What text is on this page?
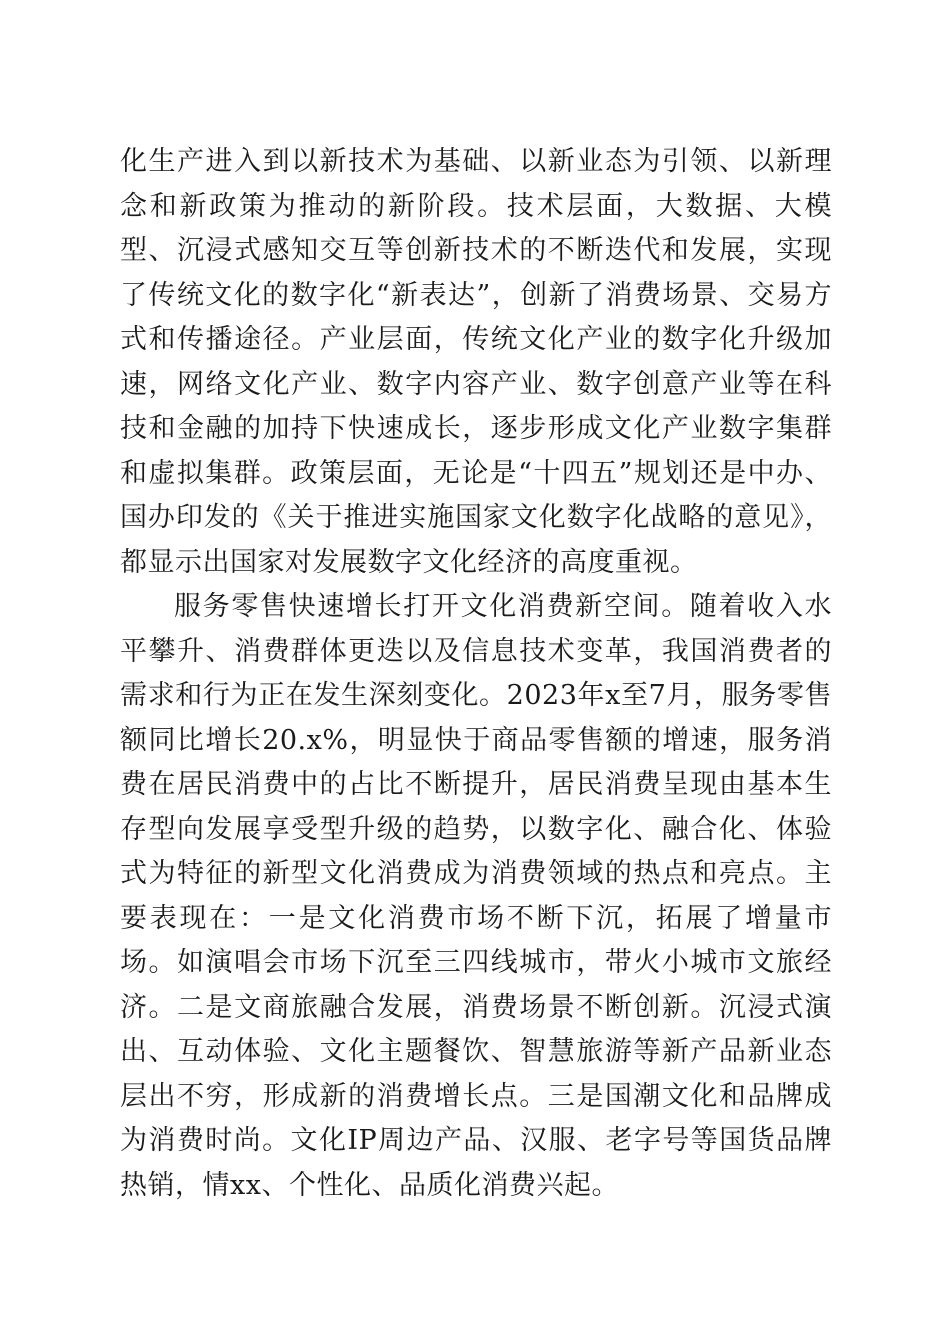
化生产进入到以新技术为基础、以新业态为引领、以新理念和新政策为推动的新阶段。技术层面，大数据、大模型、沉浸式感知交互等创新技术的不断迭代和发展，实现了传统文化的数字化“新表达”，创新了消费场景、交易方式和传播途径。产业层面，传统文化产业的数字化升级加速，网络文化产业、数字内容产业、数字创意产业等在科技和金融的加持下快速成长，逐步形成文化产业数字集群和虚拟集群。政策层面，无论是“十四五”规划还是中办、国办印发的《关于推进实施国家文化数字化战略的意见》，都显示出国家对发展数字文化经济的高度重视。

服务零售快速增长打开文化消费新空间。随着收入水平攀升、消费群体更迭以及信息技术变革，我国消费者的需求和行为正在发生深刻变化。2023年x至7月，服务零售额同比增长20.x%，明显快于商品零售额的增速，服务消费在居民消费中的占比不断提升，居民消费呈现由基本生存型向发展享受型升级的趋势，以数字化、融合化、体验式为特征的新型文化消费成为消费领域的热点和亮点。主要表现在：一是文化消费市场不断下沉，拓展了增量市场。如演唱会市场下沉至三四线城市，带火小城市文旅经济。二是文商旅融合发展，消费场景不断创新。沉浸式演出、互动体验、文化主题餐饮、智慧旅游等新产品新业态层出不穷，形成新的消费增长点。三是国潮文化和品牌成为消费时尚。文化IP周边产品、汉服、老字号等国货品牌热销，情xx、个性化、品质化消费兴起。
